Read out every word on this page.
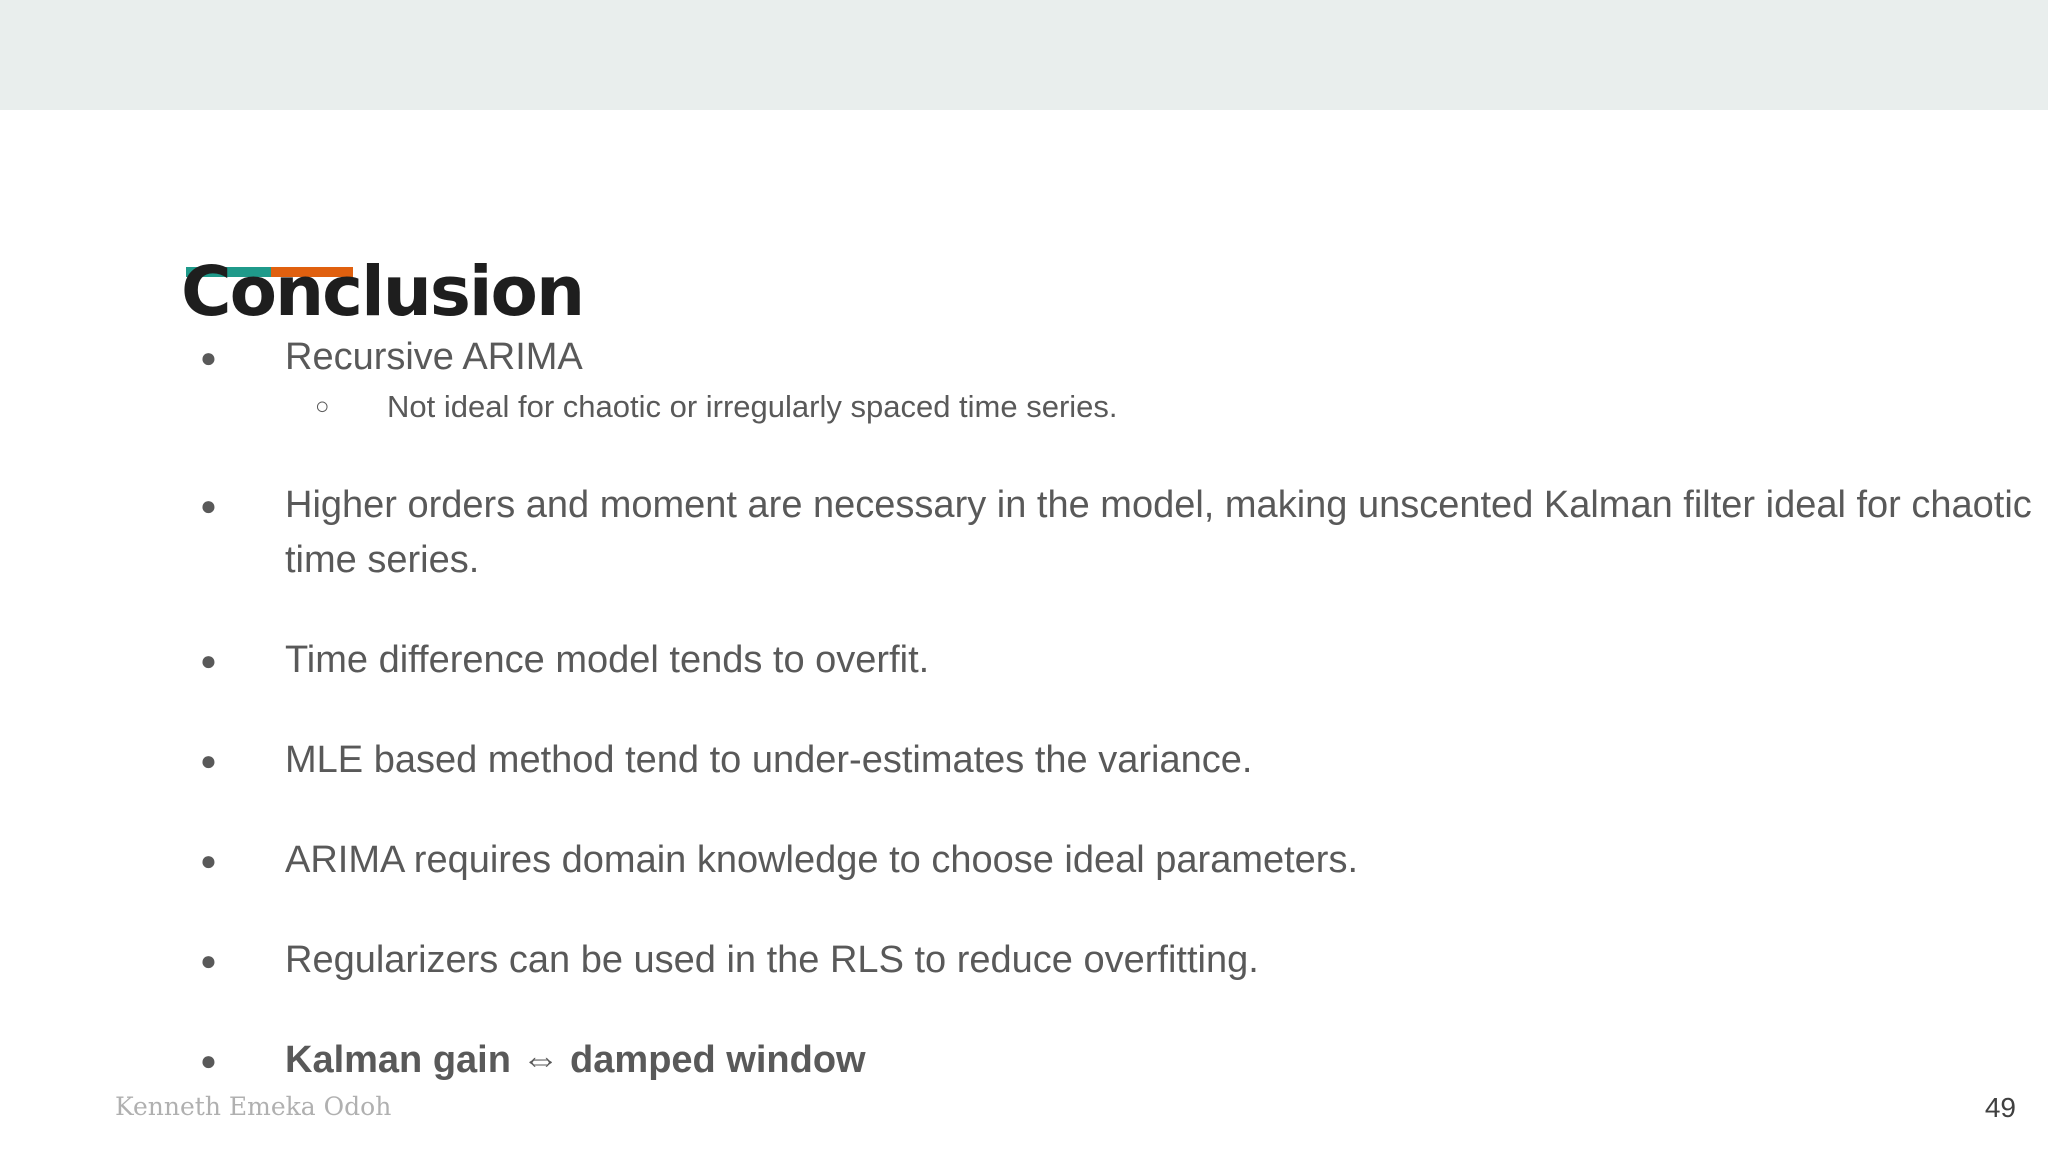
Conclusion
●	Recursive ARIMA
○ Not ideal for chaotic or irregularly spaced time series.
●	Higher orders and moment are necessary in the model, making unscented Kalman filter ideal for chaotic time series.
●	Time difference model tends to overfit.
●	MLE based method tend to under-estimates the variance.
●	ARIMA requires domain knowledge to choose ideal parameters.
●	Regularizers can be used in the RLS to reduce overfitting.
●	Kalman gain ⇔ damped window
Kenneth Emeka Odoh	49
